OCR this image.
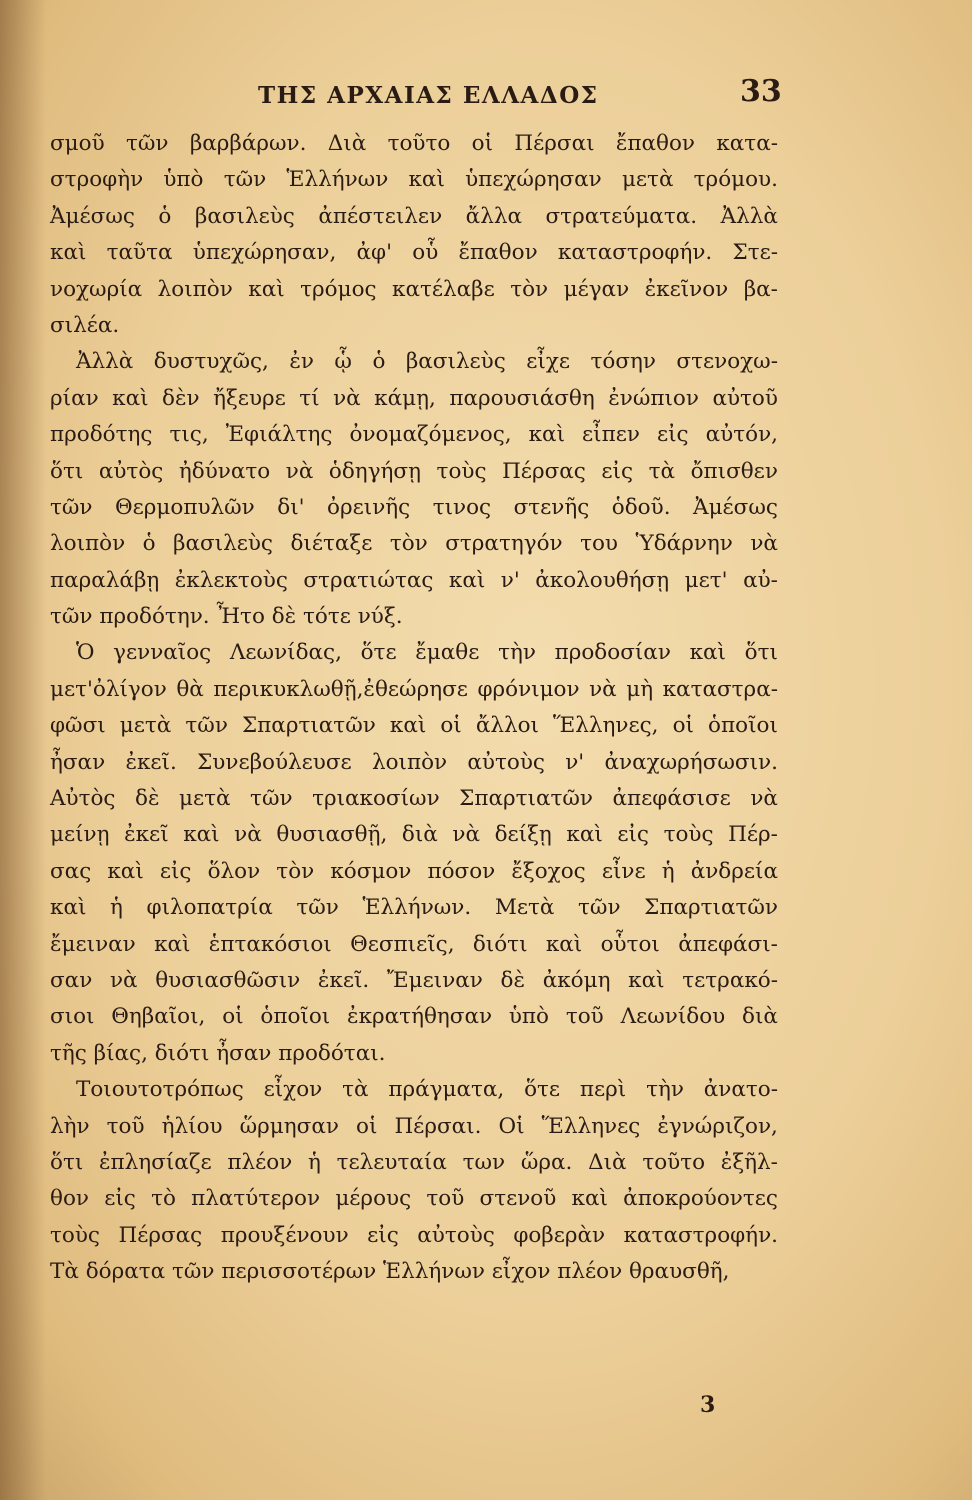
ΤΗΣ ΑΡΧΑΙΑΣ ΕΛΛΑΔΟΣ	33
σμοῦ τῶν βαρβάρων. Διὰ τοῦτο οἱ Πέρσαι ἔπαθον κατα-
στροφὴν ὑπὸ τῶν Ἑλλήνων καὶ ὑπεχώρησαν μετὰ τρόμου.
Ἀμέσως ὁ βασιλεὺς ἀπέστειλεν ἄλλα στρατεύματα. Ἀλλὰ
καὶ ταῦτα ὑπεχώρησαν, ἀφ' οὗ ἔπαθον καταστροφήν. Στε-
νοχωρία λοιπὸν καὶ τρόμος κατέλαβε τὸν μέγαν ἐκεῖνον βα-
σιλέα.
Ἀλλὰ δυστυχῶς, ἐν ᾧ ὁ βασιλεὺς εἶχε τόσην στενοχω-
ρίαν καὶ δὲν ἤξευρε τί νὰ κάμῃ, παρουσιάσθη ἐνώπιον αὐτοῦ
προδότης τις, Ἐφιάλτης ὀνομαζόμενος, καὶ εἶπεν εἰς αὐτόν,
ὅτι αὐτὸς ἠδύνατο νὰ ὁδηγήσῃ τοὺς Πέρσας εἰς τὰ ὄπισθεν
τῶν Θερμοπυλῶν δι' ὀρεινῆς τινος στενῆς ὁδοῦ. Ἀμέσως
λοιπὸν ὁ βασιλεὺς διέταξε τὸν στρατηγόν του Ὑδάρνην νὰ
παραλάβῃ ἐκλεκτοὺς στρατιώτας καὶ ν' ἀκολουθήσῃ μετ' αὐ-
τῶν προδότην. Ἦτο δὲ τότε νύξ.
Ὁ γενναῖος Λεωνίδας, ὅτε ἔμαθε τὴν προδοσίαν καὶ ὅτι
μετ'ὀλίγον θὰ περικυκλωθῇ,ἐθεώρησε φρόνιμον νὰ μὴ καταστρα-
φῶσι μετὰ τῶν Σπαρτιατῶν καὶ οἱ ἄλλοι Ἕλληνες, οἱ ὁποῖοι
ἦσαν ἐκεῖ. Συνεβούλευσε λοιπὸν αὐτοὺς ν' ἀναχωρήσωσιν.
Αὐτὸς δὲ μετὰ τῶν τριακοσίων Σπαρτιατῶν ἀπεφάσισε νὰ
μείνῃ ἐκεῖ καὶ νὰ θυσιασθῇ, διὰ νὰ δείξῃ καὶ εἰς τοὺς Πέρ-
σας καὶ εἰς ὅλον τὸν κόσμον πόσον ἔξοχος εἶνε ἡ ἀνδρεία
καὶ ἡ φιλοπατρία τῶν Ἑλλήνων. Μετὰ τῶν Σπαρτιατῶν
ἔμειναν καὶ ἑπτακόσιοι Θεσπιεῖς, διότι καὶ οὗτοι ἀπεφάσι-
σαν νὰ θυσιασθῶσιν ἐκεῖ. Ἔμειναν δὲ ἀκόμη καὶ τετρακό-
σιοι Θηβαῖοι, οἱ ὁποῖοι ἐκρατήθησαν ὑπὸ τοῦ Λεωνίδου διὰ
τῆς βίας, διότι ἦσαν προδόται.
Τοιουτοτρόπως εἶχον τὰ πράγματα, ὅτε περὶ τὴν ἀνατο-
λὴν τοῦ ἡλίου ὥρμησαν οἱ Πέρσαι. Οἱ Ἕλληνες ἐγνώριζον,
ὅτι ἐπλησίαζε πλέον ἡ τελευταία των ὥρα. Διὰ τοῦτο ἐξῆλ-
θον εἰς τὸ πλατύτερον μέρους τοῦ στενοῦ καὶ ἀποκρούοντες
τοὺς Πέρσας προυξένουν εἰς αὐτοὺς φοβερὰν καταστροφήν.
Τὰ δόρατα τῶν περισσοτέρων Ἑλλήνων εἶχον πλέον θραυσθῆ,
3
